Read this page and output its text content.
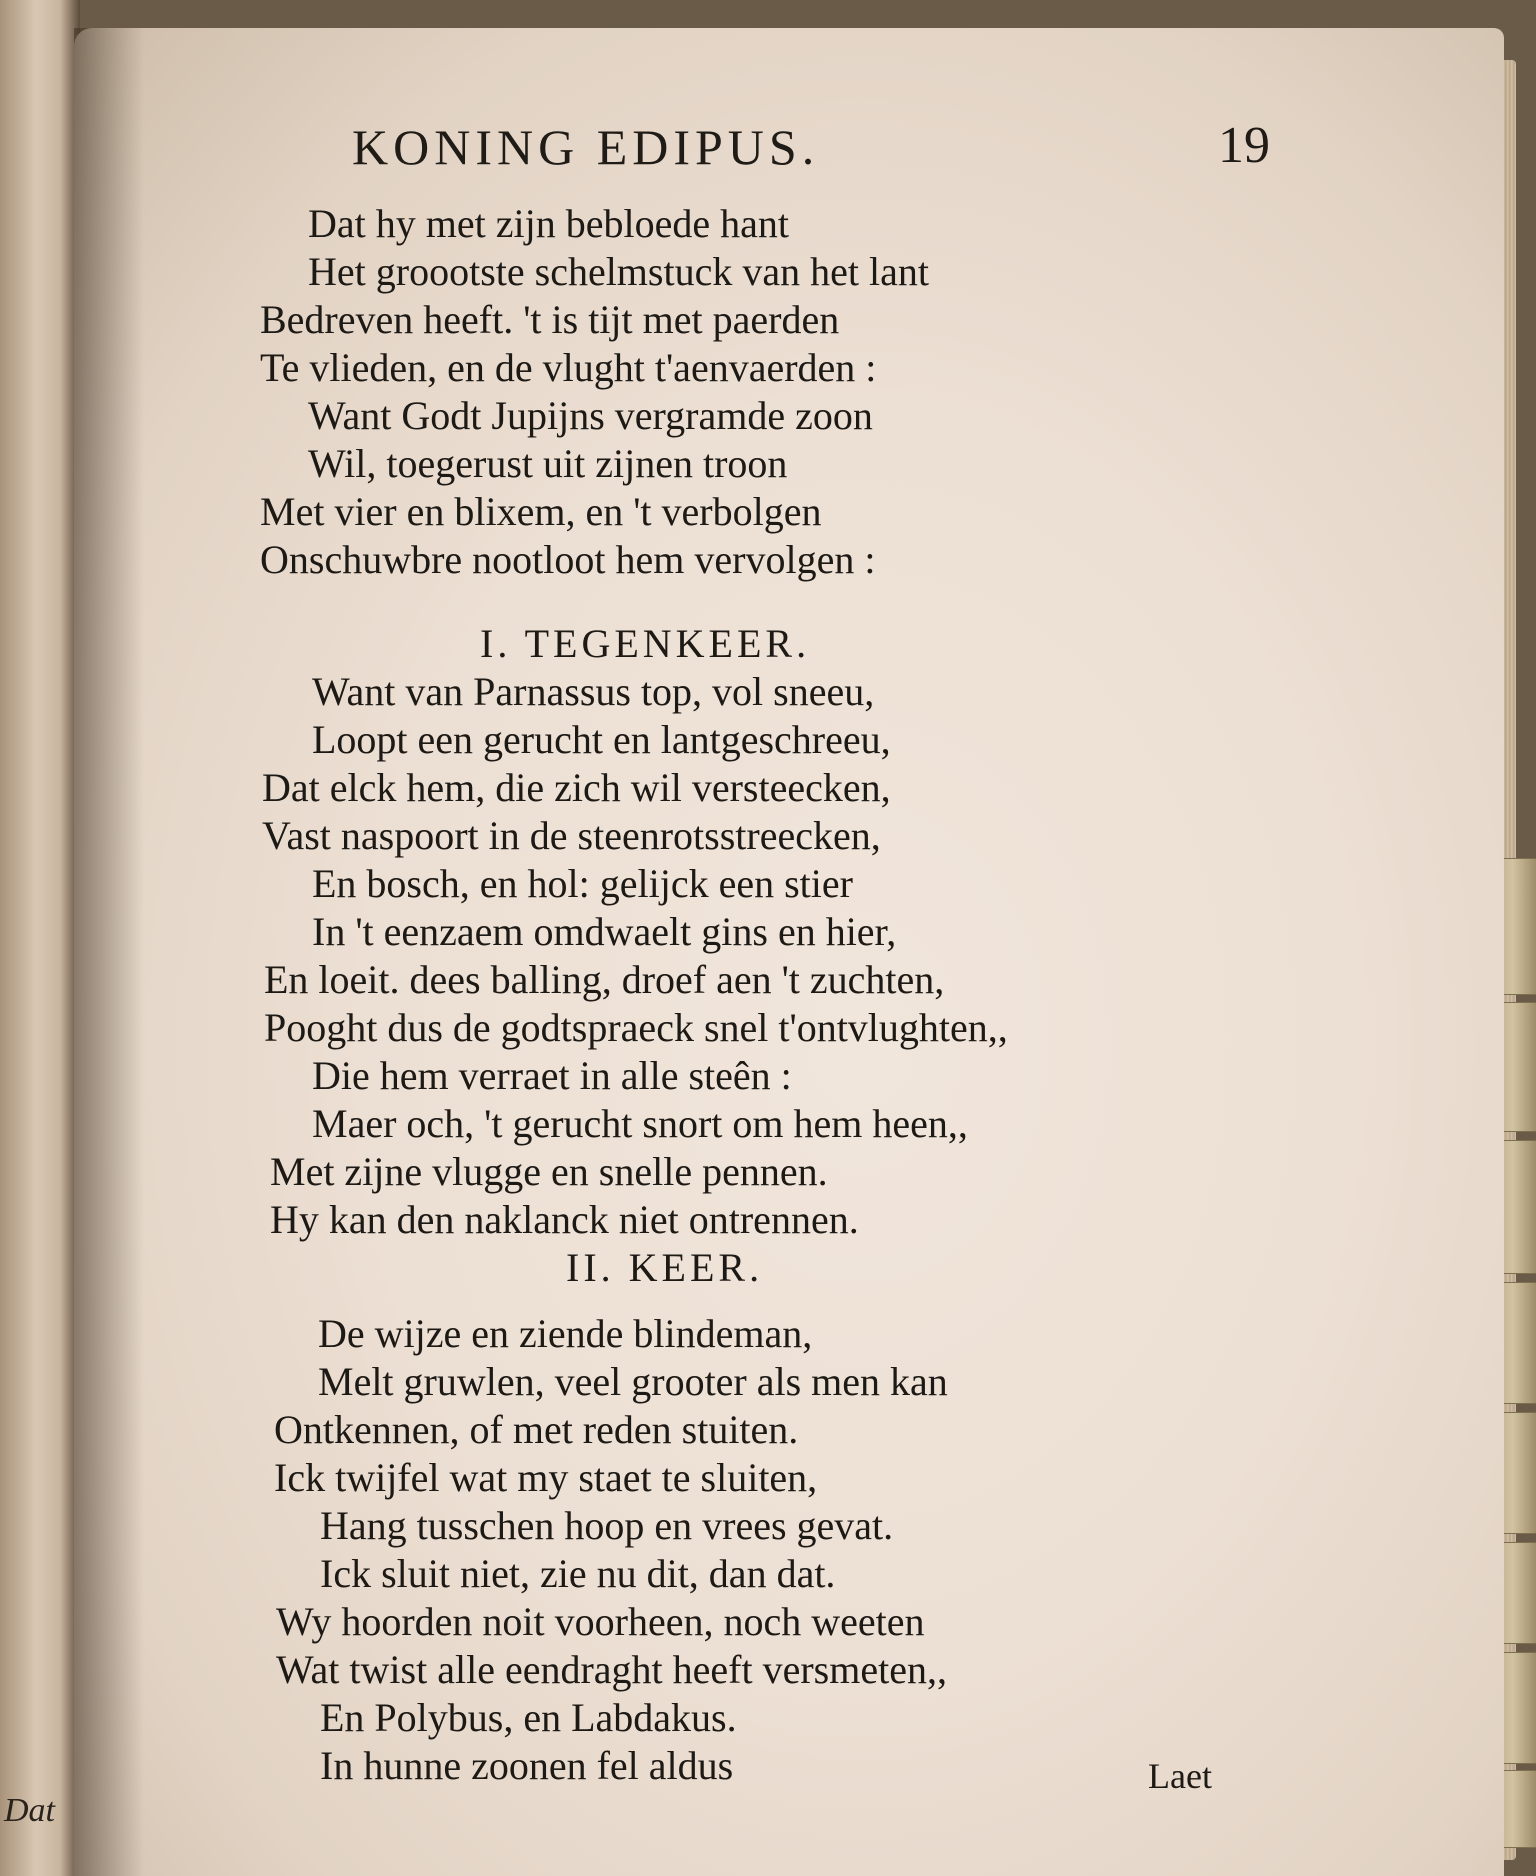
Dat
KONING EDIPUS.	19
Dat hy met zijn bebloede hant
Het groootste schelmstuck van het lant
Bedreven heeft. 't is tijt met paerden
Te vlieden, en de vlught t'aenvaerden :
Want Godt Jupijns vergramde zoon
Wil, toegerust uit zijnen troon
Met vier en blixem, en 't verbolgen
Onschuwbre nootloot hem vervolgen :
I. TEGENKEER.
Want van Parnassus top, vol sneeu,
Loopt een gerucht en lantgeschreeu,
Dat elck hem, die zich wil versteecken,
Vast naspoort in de steenrotsstreecken,
En bosch, en hol: gelijck een stier
In 't eenzaem omdwaelt gins en hier,
En loeit. dees balling, droef aen 't zuchten,
Pooght dus de godtspraeck snel t'ontvlughten,,
Die hem verraet in alle steên :
Maer och, 't gerucht snort om hem heen,,
Met zijne vlugge en snelle pennen.
Hy kan den naklanck niet ontrennen.
II. KEER.
De wijze en ziende blindeman,
Melt gruwlen, veel grooter als men kan
Ontkennen, of met reden stuiten.
Ick twijfel wat my staet te sluiten,
Hang tusschen hoop en vrees gevat.
Ick sluit niet, zie nu dit, dan dat.
Wy hoorden noit voorheen, noch weeten
Wat twist alle eendraght heeft versmeten,,
En Polybus, en Labdakus.
In hunne zoonen fel aldus	Laet
